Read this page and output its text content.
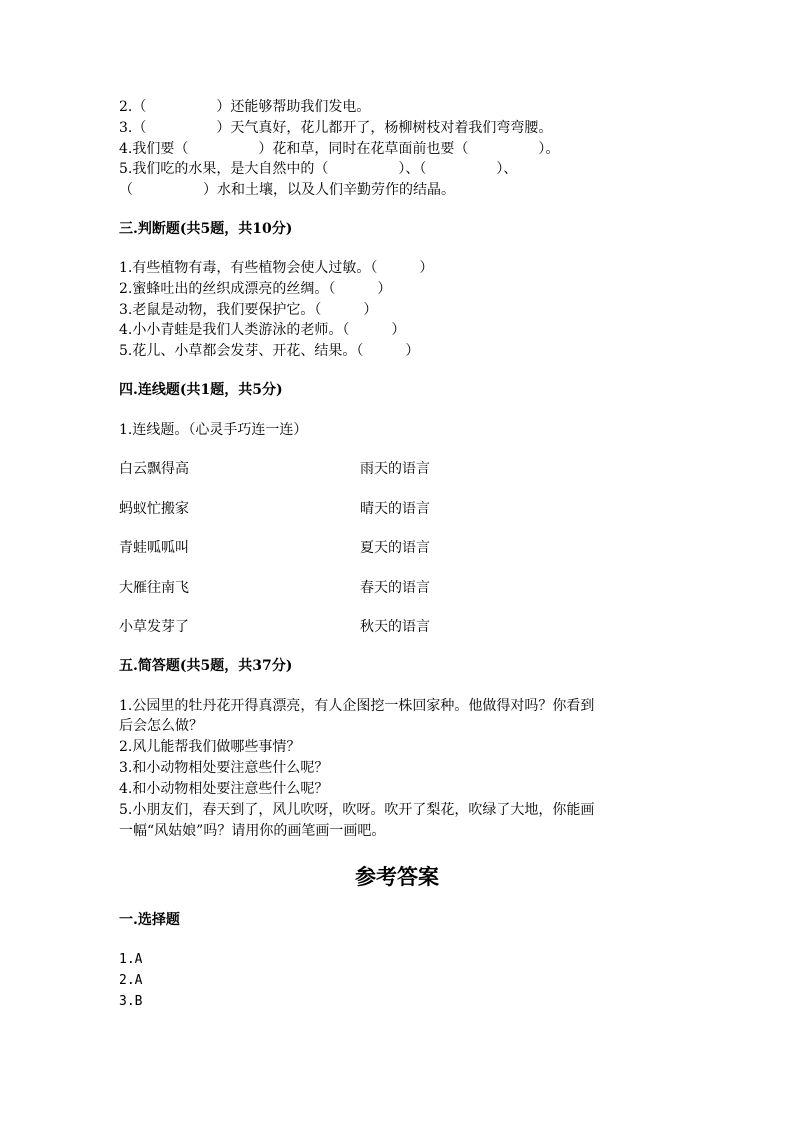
2.（　　　　　）还能够帮助我们发电。
3.（　　　　　）天气真好，花儿都开了，杨柳树枝对着我们弯弯腰。
4.我们要（　　　　　）花和草，同时在花草面前也要（　　　　　）。
5.我们吃的水果，是大自然中的（　　　　　）、（　　　　　）、
（　　　　　）水和土壤，以及人们辛勤劳作的结晶。
三.判断题(共5题，共10分)
1.有些植物有毒，有些植物会使人过敏。（　　　）
2.蜜蜂吐出的丝织成漂亮的丝绸。（　　　）
3.老鼠是动物，我们要保护它。（　　　）
4.小小青蛙是我们人类游泳的老师。（　　　）
5.花儿、小草都会发芽、开花、结果。（　　　）
四.连线题(共1题，共5分)
1.连线题。（心灵手巧连一连）
白云飘得高	雨天的语言
蚂蚁忙搬家	晴天的语言
青蛙呱呱叫	夏天的语言
大雁往南飞	春天的语言
小草发芽了	秋天的语言
五.简答题(共5题，共37分)
1.公园里的牡丹花开得真漂亮，有人企图挖一株回家种。他做得对吗？你看到
后会怎么做？
2.风儿能帮我们做哪些事情？
3.和小动物相处要注意些什么呢？
4.和小动物相处要注意些什么呢？
5.小朋友们，春天到了，风儿吹呀，吹呀。吹开了梨花，吹绿了大地，你能画
一幅“风姑娘”吗？请用你的画笔画一画吧。
参考答案
一.选择题
1.A
2.A
3.B
